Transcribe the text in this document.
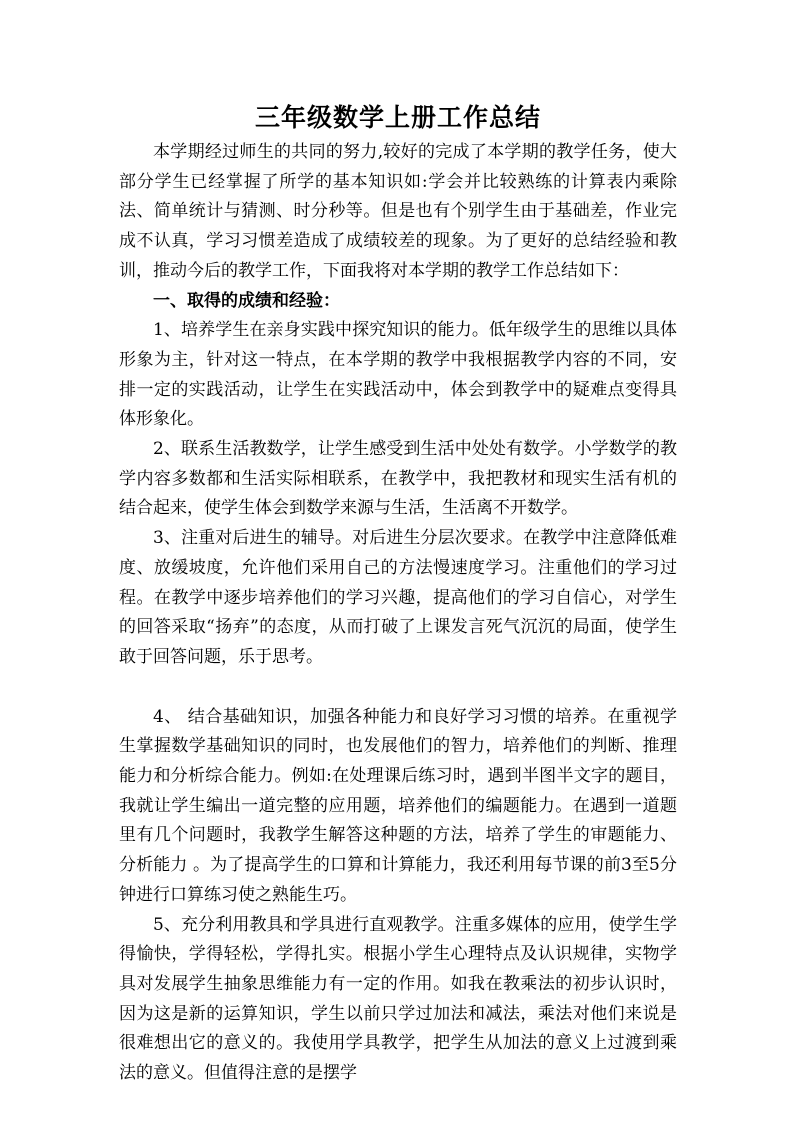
三年级数学上册工作总结

本学期经过师生的共同的努力,较好的完成了本学期的教学任务，使大部分学生已经掌握了所学的基本知识如:学会并比较熟练的计算表内乘除法、简单统计与猜测、时分秒等。但是也有个别学生由于基础差，作业完成不认真，学习习惯差造成了成绩较差的现象。为了更好的总结经验和教训，推动今后的教学工作，下面我将对本学期的教学工作总结如下：

一、取得的成绩和经验：

1、培养学生在亲身实践中探究知识的能力。低年级学生的思维以具体形象为主，针对这一特点，在本学期的教学中我根据教学内容的不同，安排一定的实践活动，让学生在实践活动中，体会到教学中的疑难点变得具体形象化。

2、联系生活教数学，让学生感受到生活中处处有数学。小学数学的教学内容多数都和生活实际相联系，在教学中，我把教材和现实生活有机的结合起来，使学生体会到数学来源与生活，生活离不开数学。

3、注重对后进生的辅导。对后进生分层次要求。在教学中注意降低难度、放缓坡度，允许他们采用自己的方法慢速度学习。注重他们的学习过程。在教学中逐步培养他们的学习兴趣，提高他们的学习自信心，对学生的回答采取“扬弃”的态度，从而打破了上课发言死气沉沉的局面，使学生敢于回答问题，乐于思考。

4、 结合基础知识，加强各种能力和良好学习习惯的培养。在重视学生掌握数学基础知识的同时，也发展他们的智力，培养他们的判断、推理能力和分析综合能力。例如:在处理课后练习时，遇到半图半文字的题目，我就让学生编出一道完整的应用题，培养他们的编题能力。在遇到一道题里有几个问题时，我教学生解答这种题的方法，培养了学生的审题能力、分析能力 。为了提高学生的口算和计算能力，我还利用每节课的前3至5分钟进行口算练习使之熟能生巧。

5、充分利用教具和学具进行直观教学。注重多媒体的应用，使学生学得愉快，学得轻松，学得扎实。根据小学生心理特点及认识规律，实物学具对发展学生抽象思维能力有一定的作用。如我在教乘法的初步认识时，因为这是新的运算知识，学生以前只学过加法和减法，乘法对他们来说是很难想出它的意义的。我使用学具教学，把学生从加法的意义上过渡到乘法的意义。但值得注意的是摆学
